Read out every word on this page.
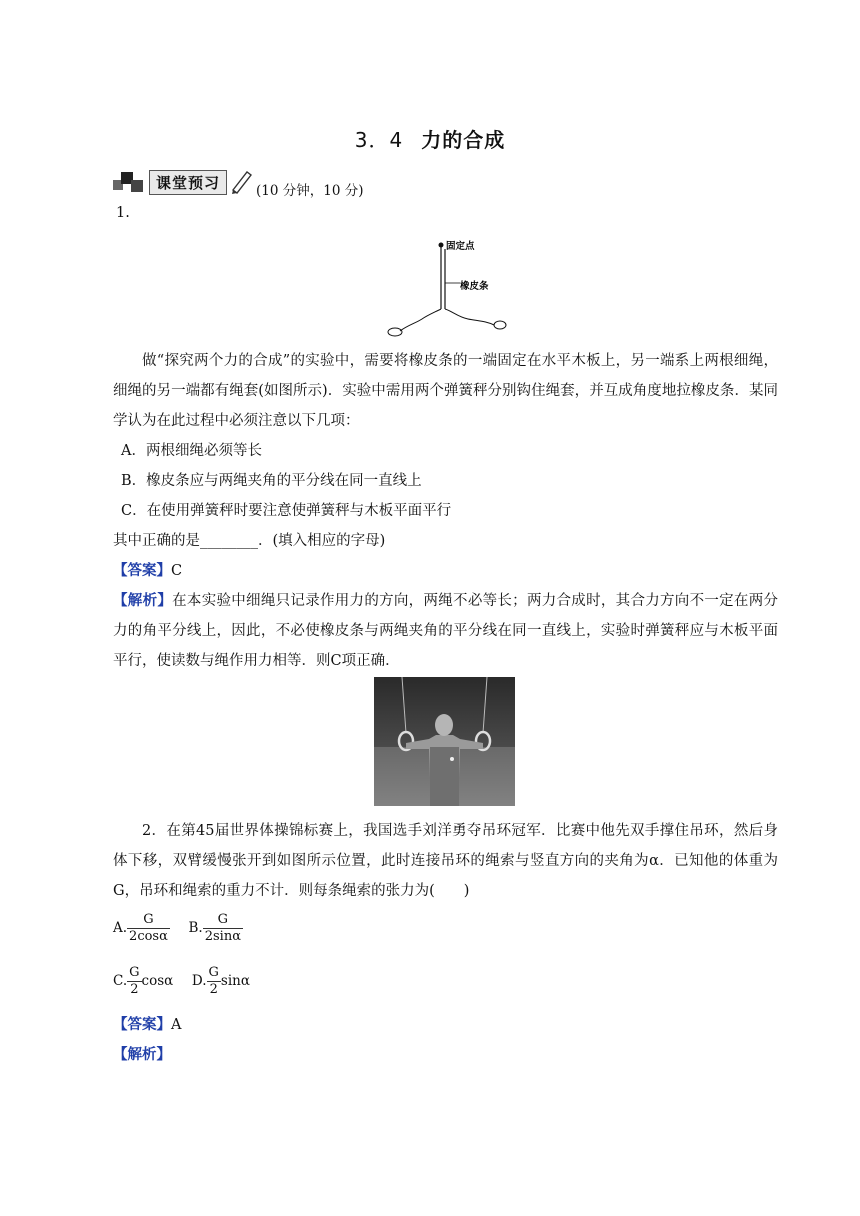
3．4 力的合成
课堂预习	(10 分钟，10 分)
1.
固定点
橡皮条
做“探究两个力的合成”的实验中，需要将橡皮条的一端固定在水平木板上，另一端系上两根细绳，细绳的另一端都有绳套(如图所示)．实验中需用两个弹簧秤分别钩住绳套，并互成角度地拉橡皮条．某同学认为在此过程中必须注意以下几项：
A．两根细绳必须等长
B．橡皮条应与两绳夹角的平分线在同一直线上
C．在使用弹簧秤时要注意使弹簧秤与木板平面平行
其中正确的是________．(填入相应的字母)
【答案】C
【解析】在本实验中细绳只记录作用力的方向，两绳不必等长；两力合成时，其合力方向不一定在两分力的角平分线上，因此，不必使橡皮条与两绳夹角的平分线在同一直线上，实验时弹簧秤应与木板平面平行，使读数与绳作用力相等．则C项正确．
2．在第45届世界体操锦标赛上，我国选手刘洋勇夺吊环冠军．比赛中他先双手撑住吊环，然后身体下移，双臂缓慢张开到如图所示位置，此时连接吊环的绳索与竖直方向的夹角为α．已知他的体重为G，吊环和绳索的重力不计．则每条绳索的张力为(　　)
A. $\frac{G}{2\cos\alpha} B$. $\frac{G}{2\sin\alpha}$
C. $\frac{G}{2}$ cosα D. $\frac{G}{2}$ sinα
【答案】A
【解析】
